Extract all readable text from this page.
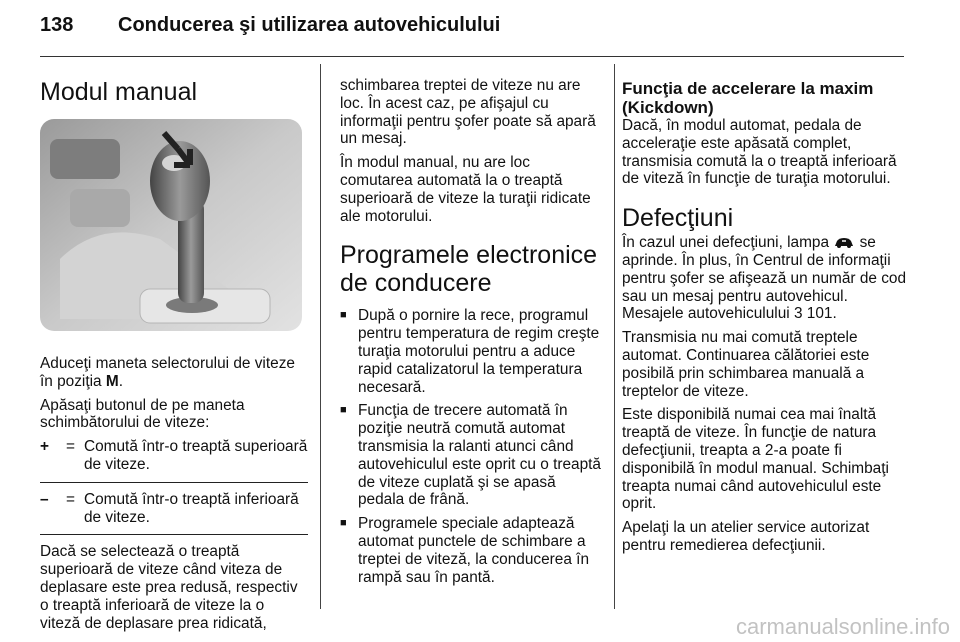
138 Conducerea şi utilizarea autovehiculului
Modul manual

Aduceţi maneta selectorului de viteze în poziţia M.

Apăsaţi butonul de pe maneta schimbătorului de viteze:

+	= Comută într-o treaptă superioară de viteze.
–	= Comută într-o treaptă inferioară de viteze.

Dacă se selectează o treaptă superioară de viteze când viteza de deplasare este prea redusă, respectiv o treaptă inferioară de viteze la o viteză de deplasare prea ridicată,

schimbarea treptei de viteze nu are loc. În acest caz, pe afişajul cu informaţii pentru şofer poate să apară un mesaj.

În modul manual, nu are loc comutarea automată la o treaptă superioară de viteze la turaţii ridicate ale motorului.

Programele electronice de conducere
■ După o pornire la rece, programul pentru temperatura de regim creşte turaţia motorului pentru a aduce rapid catalizatorul la temperatura necesară.
■ Funcţia de trecere automată în poziţie neutră comută automat transmisia la ralanti atunci când autovehiculul este oprit cu o treaptă de viteze cuplată şi se apasă pedala de frână.
■ Programele speciale adaptează automat punctele de schimbare a treptei de viteză, la conducerea în rampă sau în pantă.
Funcţia de accelerare la maxim (Kickdown)

Dacă, în modul automat, pedala de acceleraţie este apăsată complet, transmisia comută la o treaptă inferioară de viteză în funcţie de turaţia motorului.

Defecţiuni

În cazul unei defecţiuni, lampa  se aprinde. În plus, în Centrul de informaţii pentru şofer se afişează un număr de cod sau un mesaj pentru autovehicul. Mesajele autovehiculului 3 101.

Transmisia nu mai comută treptele automat. Continuarea călătoriei este posibilă prin schimbarea manuală a treptelor de viteze.

Este disponibilă numai cea mai înaltă treaptă de viteze. În funcţie de natura defecţiunii, treapta a 2-a poate fi disponibilă în modul manual. Schimbaţi treapta numai când autovehiculul este oprit.

Apelaţi la un atelier service autorizat pentru remedierea defecţiunii.

carmanualsonline.info
